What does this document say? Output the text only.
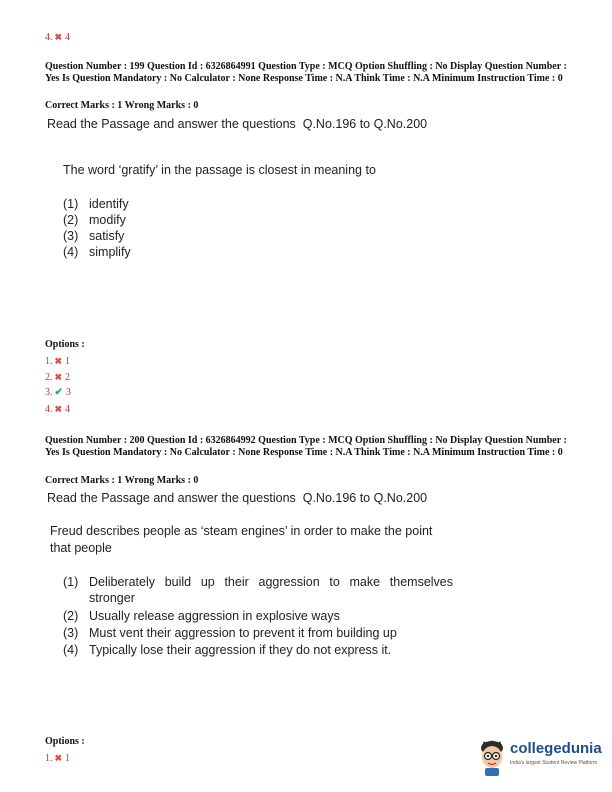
4. ✖ 4
Question Number : 199 Question Id : 6326864991 Question Type : MCQ Option Shuffling : No Display Question Number : Yes Is Question Mandatory : No Calculator : None Response Time : N.A Think Time : N.A Minimum Instruction Time : 0
Correct Marks : 1 Wrong Marks : 0
Read the Passage and answer the questions  Q.No.196 to Q.No.200
The word ‘gratify’ in the passage is closest in meaning to
(1) identify
(2) modify
(3) satisfy
(4) simplify
Options :
1. ✖ 1
2. ✖ 2
3. ✔ 3
4. ✖ 4
Question Number : 200 Question Id : 6326864992 Question Type : MCQ Option Shuffling : No Display Question Number : Yes Is Question Mandatory : No Calculator : None Response Time : N.A Think Time : N.A Minimum Instruction Time : 0
Correct Marks : 1 Wrong Marks : 0
Read the Passage and answer the questions  Q.No.196 to Q.No.200
Freud describes people as ‘steam engines’ in order to make the point
that people
(1) Deliberately build up their aggression to make themselves stronger
(2) Usually release aggression in explosive ways
(3) Must vent their aggression to prevent it from building up
(4) Typically lose their aggression if they do not express it.
Options :
1. ✖ 1
collegedunia
India's largest Student Review Platform
